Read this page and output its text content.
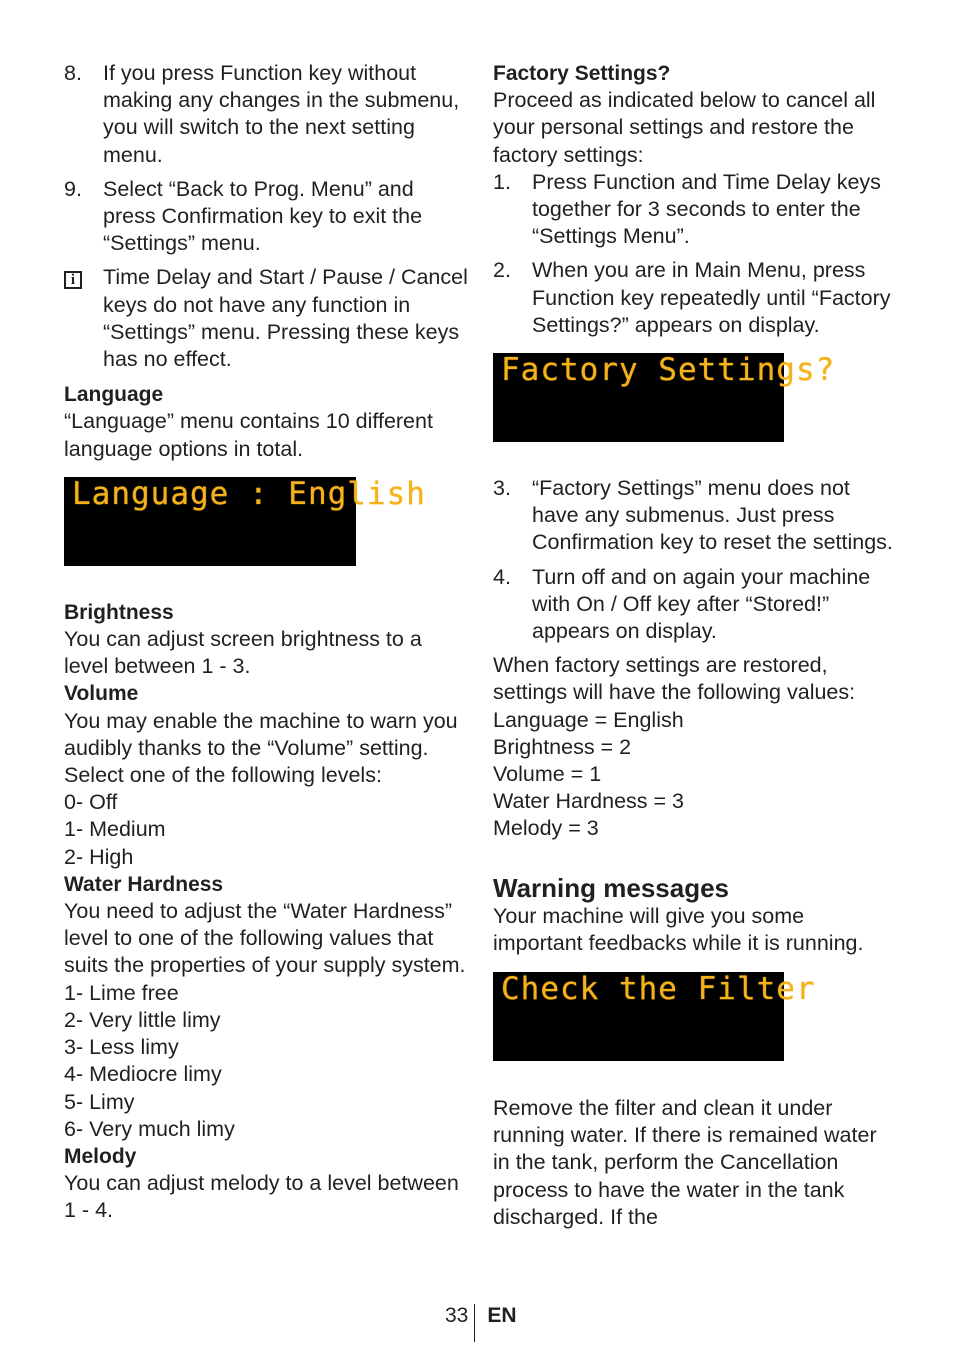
8. If you press Function key without making any changes in the submenu, you will switch to the next setting menu.
9. Select “Back to Prog. Menu” and press Confirmation key to exit the “Settings” menu.
i	Time Delay and Start / Pause / Cancel keys do not have any function in “Settings” menu. Pressing these keys has no effect.

Language

“Language” menu contains 10 different language options in total.

Language : English

Brightness

You can adjust screen brightness to a level between 1 - 3.

Volume

You may enable the machine to warn you audibly thanks to the “Volume” setting.

Select one of the following levels:

0- Off

1- Medium

2- High

Water Hardness

You need to adjust the “Water Hardness” level to one of the following values that suits the properties of your supply system.

1- Lime free

2- Very little limy

3- Less limy

4- Mediocre limy

5- Limy

6- Very much limy

Melody

You can adjust melody to a level between 1 - 4.

Factory Settings?

Proceed as indicated below to cancel all your personal settings and restore the factory settings:

1. Press Function and Time Delay keys together for 3 seconds to enter the “Settings Menu”.
2. When you are in Main Menu, press Function key repeatedly until “Factory Settings?” appears on display.
Factory Settings?
3. “Factory Settings” menu does not have any submenus. Just press Confirmation key to reset the settings.
4. Turn off and on again your machine with On / Off key after “Stored!” appears on display.

When factory settings are restored, settings will have the following values:

Language = English

Brightness = 2

Volume = 1

Water Hardness = 3

Melody = 3

Warning messages

Your machine will give you some important feedbacks while it is running.

Check the Filter

Remove the filter and clean it under running water. If there is remained water in the tank, perform the Cancellation process to have the water in the tank discharged. If the

33 EN
